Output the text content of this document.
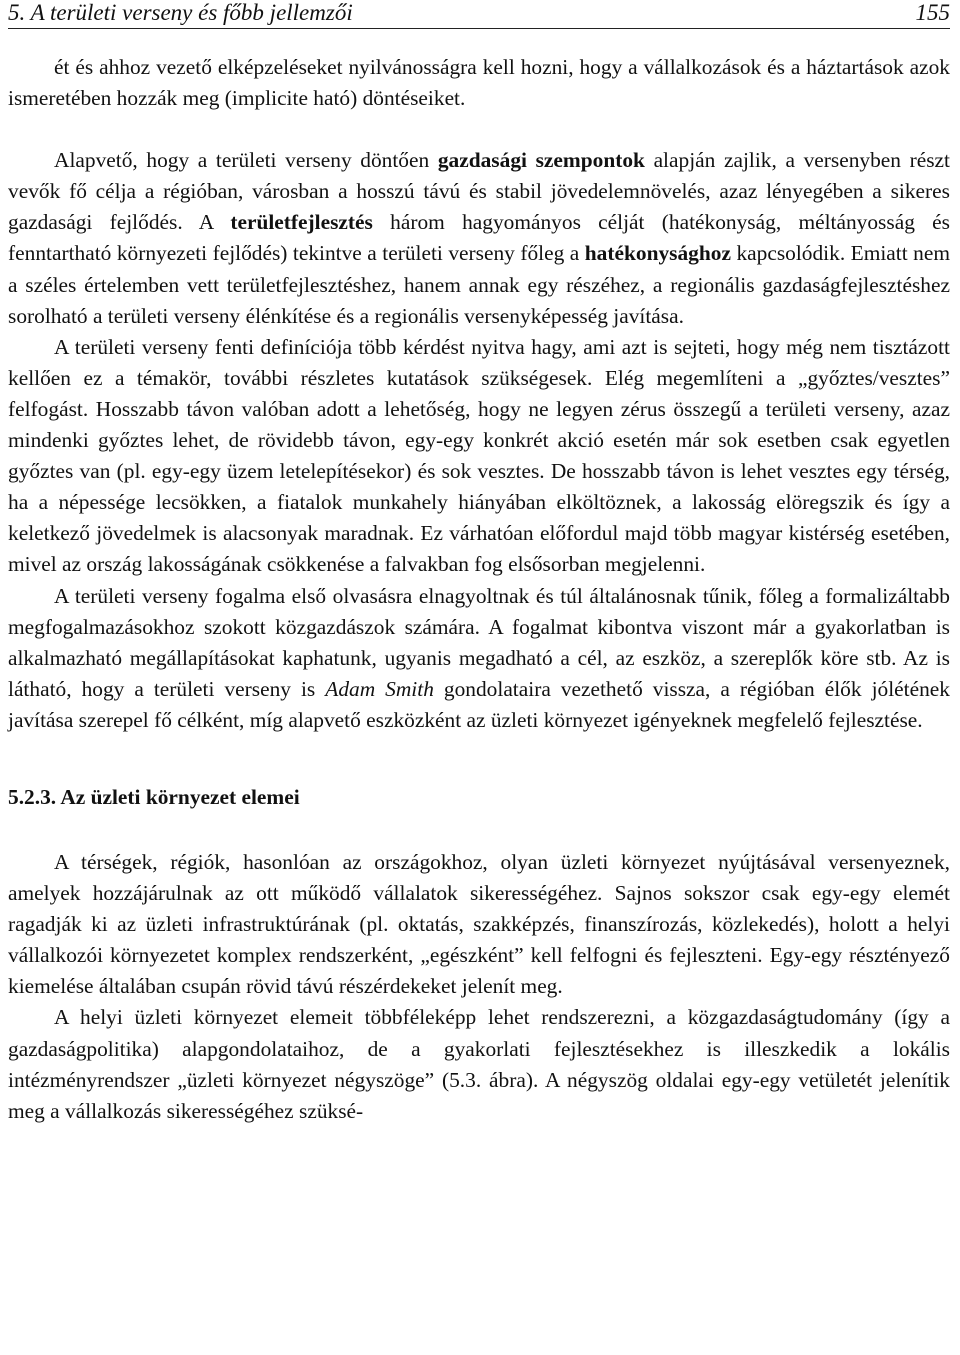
5. A területi verseny és főbb jellemzői	155

ét és ahhoz vezető elképzeléseket nyilvánosságra kell hozni, hogy a vállalkozások és a háztartások azok ismeretében hozzák meg (implicite ható) döntéseiket.

Alapvető, hogy a területi verseny döntően gazdasági szempontok alapján zajlik, a versenyben részt vevők fő célja a régióban, városban a hosszú távú és stabil jövedelemnövelés, azaz lényegében a sikeres gazdasági fejlődés. A területfejlesztés három hagyományos célját (hatékonyság, méltányosság és fenntartható környezeti fejlődés) tekintve a területi verseny főleg a hatékonysághoz kapcsolódik. Emiatt nem a széles értelemben vett területfejlesztéshez, hanem annak egy részéhez, a regionális gazdaságfejlesztéshez sorolható a területi verseny élénkítése és a regionális versenyképesség javítása.

A területi verseny fenti definíciója több kérdést nyitva hagy, ami azt is sejteti, hogy még nem tisztázott kellően ez a témakör, további részletes kutatások szükségesek. Elég megemlíteni a „győztes/vesztes” felfogást. Hosszabb távon valóban adott a lehetőség, hogy ne legyen zérus összegű a területi verseny, azaz mindenki győztes lehet, de rövidebb távon, egy-egy konkrét akció esetén már sok esetben csak egyetlen győztes van (pl. egy-egy üzem letelepítésekor) és sok vesztes. De hosszabb távon is lehet vesztes egy térség, ha a népessége lecsökken, a fiatalok munkahely hiányában elköltöznek, a lakosság elöregszik és így a keletkező jövedelmek is alacsonyak maradnak. Ez várhatóan előfordul majd több magyar kistérség esetében, mivel az ország lakosságának csökkenése a falvakban fog elsősorban megjelenni.

A területi verseny fogalma első olvasásra elnagyoltnak és túl általánosnak tűnik, főleg a formalizáltabb megfogalmazásokhoz szokott közgazdászok számára. A fogalmat kibontva viszont már a gyakorlatban is alkalmazható megállapításokat kaphatunk, ugyanis megadható a cél, az eszköz, a szereplők köre stb. Az is látható, hogy a területi verseny is Adam Smith gondolataira vezethető vissza, a régióban élők jólétének javítása szerepel fő célként, míg alapvető eszközként az üzleti környezet igényeknek megfelelő fejlesztése.

5.2.3. Az üzleti környezet elemei

A térségek, régiók, hasonlóan az országokhoz, olyan üzleti környezet nyújtásával versenyeznek, amelyek hozzájárulnak az ott működő vállalatok sikerességéhez. Sajnos sokszor csak egy-egy elemét ragadják ki az üzleti infrastruktúrának (pl. oktatás, szakképzés, finanszírozás, közlekedés), holott a helyi vállalkozói környezetet komplex rendszerként, „egészként” kell felfogni és fejleszteni. Egy-egy résztényező kiemelése általában csupán rövid távú részérdekeket jelenít meg.

A helyi üzleti környezet elemeit többféleképp lehet rendszerezni, a közgazdaságtudomány (így a gazdaságpolitika) alapgondolataihoz, de a gyakorlati fejlesztésekhez is illeszkedik a lokális intézményrendszer „üzleti környezet négyszöge” (5.3. ábra). A négyszög oldalai egy-egy vetületét jelenítik meg a vállalkozás sikerességéhez szüksé-
